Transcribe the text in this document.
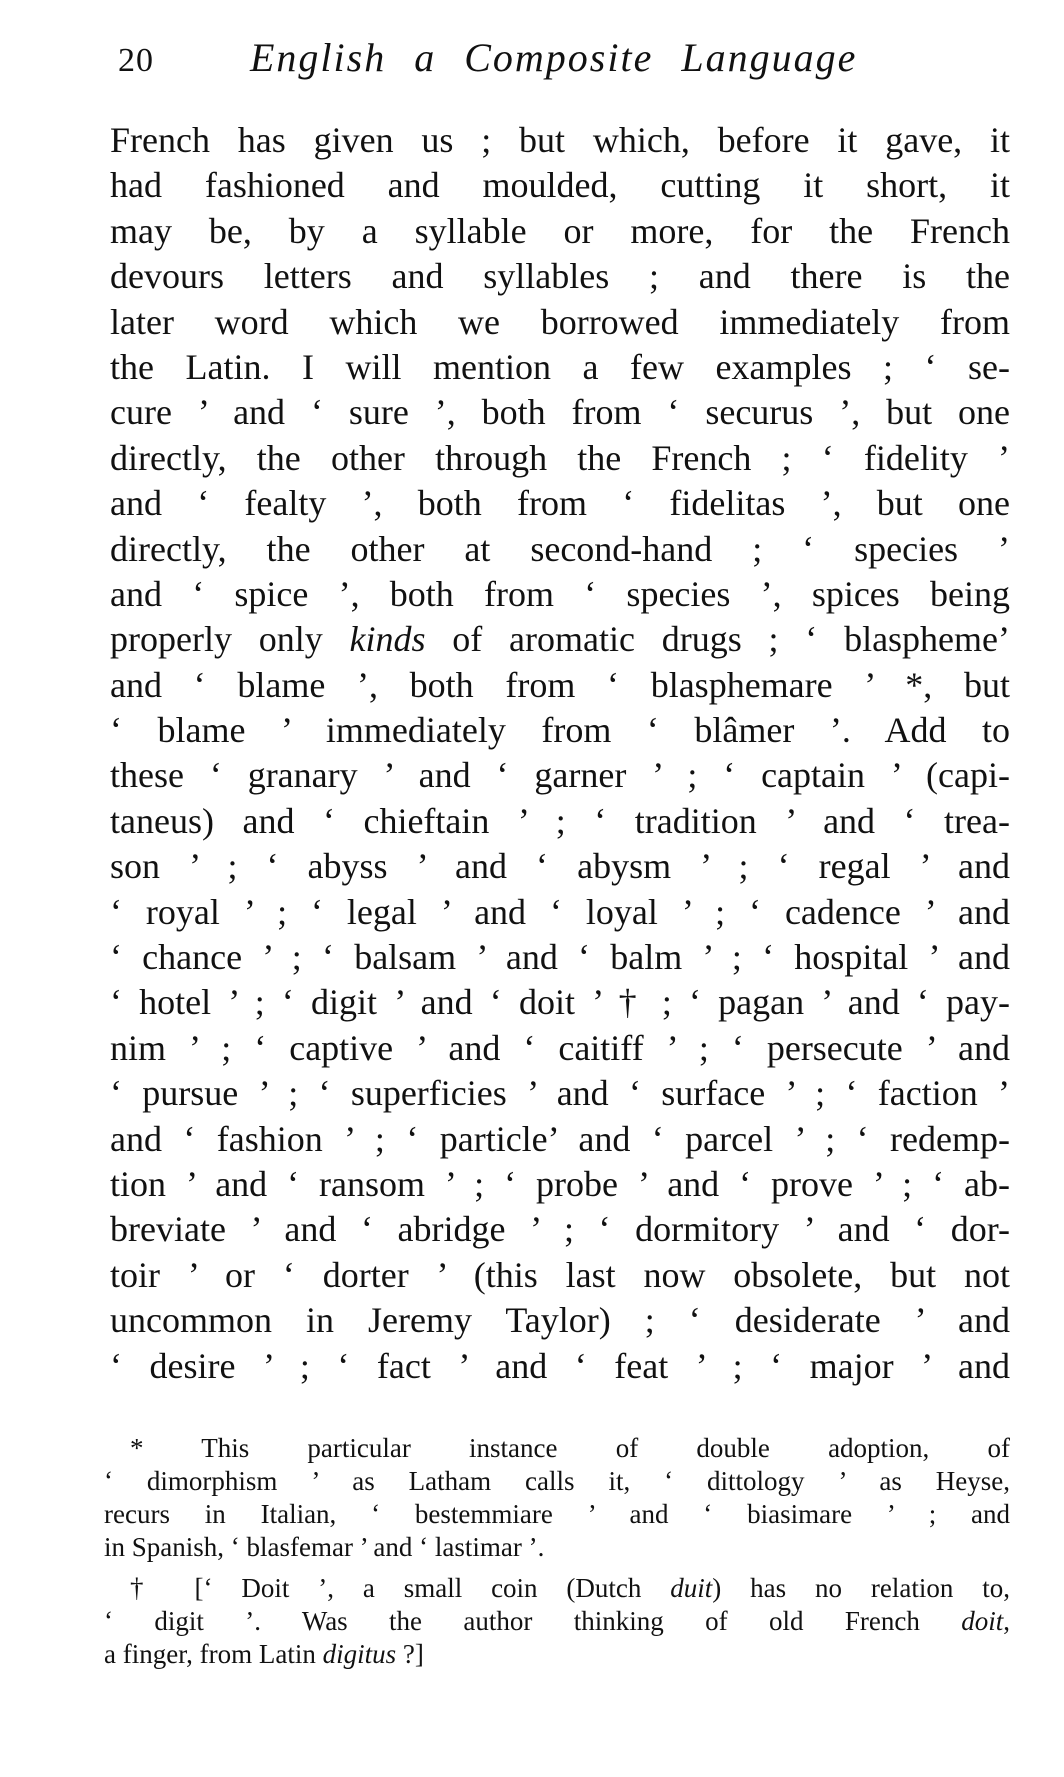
20 English a Composite Language
French has given us ; but which, before it gave, it
had fashioned and moulded, cutting it short, it
may be, by a syllable or more, for the French
devours letters and syllables ; and there is the
later word which we borrowed immediately from
the Latin. I will mention a few examples ; ‘ se-
cure ’ and ‘ sure ’, both from ‘ securus ’, but one
directly, the other through the French ; ‘ fidelity ’
and ‘ fealty ’, both from ‘ fidelitas ’, but one
directly, the other at second-hand ; ‘ species ’
and ‘ spice ’, both from ‘ species ’, spices being
properly only kinds of aromatic drugs ; ‘ blaspheme’
and ‘ blame ’, both from ‘ blasphemare ’ *, but
‘ blame ’ immediately from ‘ blâmer ’. Add to
these ‘ granary ’ and ‘ garner ’ ; ‘ captain ’ (capi-
taneus) and ‘ chieftain ’ ; ‘ tradition ’ and ‘ trea-
son ’ ; ‘ abyss ’ and ‘ abysm ’ ; ‘ regal ’ and
‘ royal ’ ; ‘ legal ’ and ‘ loyal ’ ; ‘ cadence ’ and
‘ chance ’ ; ‘ balsam ’ and ‘ balm ’ ; ‘ hospital ’ and
‘ hotel ’ ; ‘ digit ’ and ‘ doit ’ † ; ‘ pagan ’ and ‘ pay-
nim ’ ; ‘ captive ’ and ‘ caitiff ’ ; ‘ persecute ’ and
‘ pursue ’ ; ‘ superficies ’ and ‘ surface ’ ; ‘ faction ’
and ‘ fashion ’ ; ‘ particle’ and ‘ parcel ’ ; ‘ redemp-
tion ’ and ‘ ransom ’ ; ‘ probe ’ and ‘ prove ’ ; ‘ ab-
breviate ’ and ‘ abridge ’ ; ‘ dormitory ’ and ‘ dor-
toir ’ or ‘ dorter ’ (this last now obsolete, but not
uncommon in Jeremy Taylor) ; ‘ desiderate ’ and
‘ desire ’ ; ‘ fact ’ and ‘ feat ’ ; ‘ major ’ and
* This particular instance of double adoption, of
‘ dimorphism ’ as Latham calls it, ‘ dittology ’ as Heyse,
recurs in Italian, ‘ bestemmiare ’ and ‘ biasimare ’ ; and
in Spanish, ‘ blasfemar ’ and ‘ lastimar ’.
† [‘ Doit ’, a small coin (Dutch duit) has no relation to,
‘ digit ’. Was the author thinking of old French doit,
a finger, from Latin digitus ?]
